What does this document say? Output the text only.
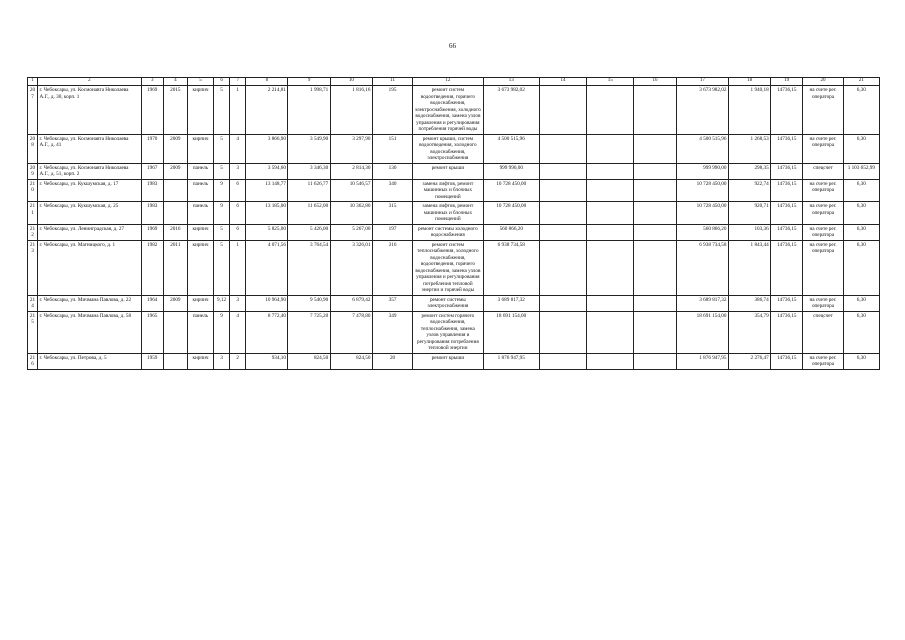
66
1	2	3	4	5	6	7	8	9	10	11	12	13	14	15	16	17	18	19	20	21
207	г. Чебоксары, ул. Космонавта Николаева А.Г., д. 30, корп. 1	1969	2015	кирпич	5	1	2 214,81	1 998,71	1 816,16	195	ремонт систем водоотведения, горячего водоснабжения, электроснабжения, холодного водоснабжения, замена узлов управления и регулирования потребления горячей воды	3 673 982,02				3 673 982,02	1 940,18	14736,15	на счете рег. оператора	6,30
208	г. Чебоксары, ул. Космонавта Николаева А.Г., д. 41	1970	2009	кирпич	5	4	3 866,90	3 549,90	3 297,90	151	ремонт крыши, систем водоотведения, холодного водоснабжения, электроснабжения	4 500 515,96				4 500 515,96	1 268,53	14736,15	на счете рег. оператора	6,30
209	г. Чебоксары, ул. Космонавта Николаева А.Г., д. 51, корп. 2	1967	2009	панель	5	3	3 594,60	3 346,30	2 814,30	130	ремонт крыши	999 990,00				999 990,00	298,35	14736,15	спецсчет	1 103 652,99
210	г. Чебоксары, ул. Кукшумская, д. 17	1983		панель	9	6	13 148,77	11 626,77	10 546,57	340	замена лифтов, ремонт машинных и блочных помещений	10 728 450,00				10 728 450,00	922,74	14736,15	на счете рег. оператора	6,30
211	г. Чебоксары, ул. Кукшумская, д. 25	1983		панель	9	6	13 185,00	11 652,00	10 362,80	315	замена лифтов, ремонт машинных и блочных помещений	10 728 450,00				10 728 450,00	920,71	14736,15	на счете рег. оператора	6,30
212	г. Чебоксары, ул. Ленинградская, д. 27	1969	2016	кирпич	5	6	5 825,00	5 426,00	5 267,00	197	ремонт системы холодного водоснабжения	560 866,20				560 866,20	103,36	14736,15	на счете рег. оператора	6,30
213	г. Чебоксары, ул. Магницкого, д. 1	1982	2011	кирпич	5	1	4 071,56	3 764,54	3 326,01	316	ремонт систем теплоснабжения, холодного водоснабжения, водоотведения, горячего водоснабжения, замена узлов управления и регулирования потребления тепловой энергии и горячей воды	6 938 734,58				6 938 734,58	1 843,44	14736,15	на счете рег. оператора	6,30
214	г. Чебоксары, ул. Мичмана Павлова, д. 22	1964	2009	кирпич	9,12	3	10 964,90	9 540,90	6 879,42	357	ремонт системы электроснабжения	3 689 817,32				3 689 817,32	386,74	14736,15	на счете рег. оператора	6,30
215	г. Чебоксары, ул. Мичмана Павлова, д. 58	1965		панель	9	4	8 772,40	7 725,20	7 478,80	349	ремонт систем горячего водоснабжения, теплоснабжения, замена узлов управления и регулирования потребления тепловой энергии	18 691 154,00				18 691 154,00	354,79	14736,15	спецсчет	6,30
216	г. Чебоксары, ул. Петрова, д. 5	1959		кирпич	3	2	934,10	824,50	824,50	20	ремонт крыши	1 876 947,95				1 876 947,95	2 276,47	14736,15	на счете рег. оператора	6,30
